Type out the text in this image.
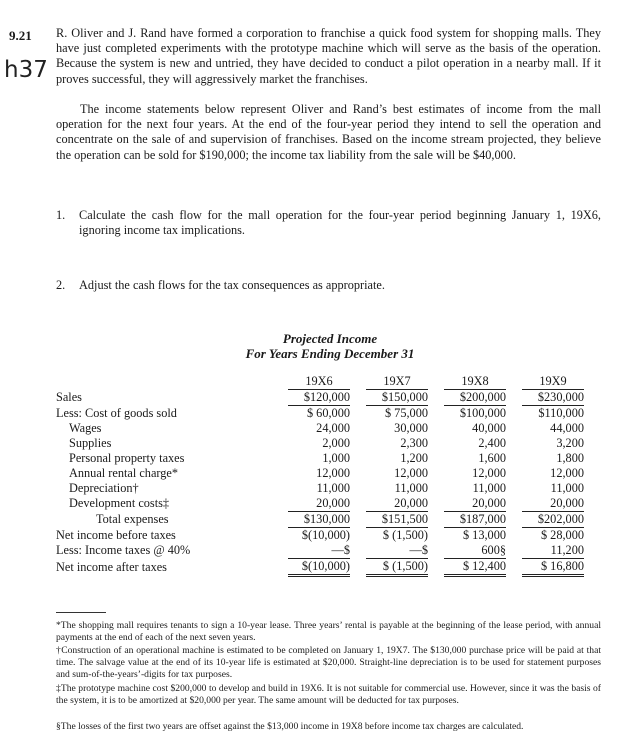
9.21
h37
R. Oliver and J. Rand have formed a corporation to franchise a quick food system for shopping malls. They have just completed experiments with the prototype machine which will serve as the basis of the operation. Because the system is new and untried, they have decided to conduct a pilot operation in a nearby mall. If it proves successful, they will aggressively market the franchises.
The income statements below represent Oliver and Rand’s best estimates of income from the mall operation for the next four years. At the end of the four-year period they intend to sell the operation and concentrate on the sale of and supervision of franchises. Based on the income stream projected, they believe the operation can be sold for $190,000; the income tax liability from the sale will be $40,000.
1.	Calculate the cash flow for the mall operation for the four-year period beginning January 1, 19X6, ignoring income tax implications.
2.	Adjust the cash flows for the tax consequences as appropriate.
Projected Income
For Years Ending December 31
	19X6		19X7		19X8		19X9
Sales	$120,000		$150,000		$200,000		$230,000
Less: Cost of goods sold	$ 60,000		$ 75,000		$100,000		$110,000
Wages	24,000		30,000		40,000		44,000
Supplies	2,000		2,300		2,400		3,200
Personal property taxes	1,000		1,200		1,600		1,800
Annual rental charge*	12,000		12,000		12,000		12,000
Depreciation†	11,000		11,000		11,000		11,000
Development costs‡	20,000		20,000		20,000		20,000
Total expenses	$130,000		$151,500		$187,000		$202,000
Net income before taxes	$(10,000)		$ (1,500)		$ 13,000		$ 28,000
Less: Income taxes @ 40%	—$		—$		600§		11,200
Net income after taxes	$(10,000)		$ (1,500)		$ 12,400		$ 16,800
*The shopping mall requires tenants to sign a 10-year lease. Three years’ rental is payable at the beginning of the lease period, with annual payments at the end of each of the next seven years.
†Construction of an operational machine is estimated to be completed on January 1, 19X7. The $130,000 purchase price will be paid at that time. The salvage value at the end of its 10-year life is estimated at $20,000. Straight-line depreciation is to be used for statement purposes and sum-of-the-years’-digits for tax purposes.
‡The prototype machine cost $200,000 to develop and build in 19X6. It is not suitable for commercial use. However, since it was the basis of the system, it is to be amortized at $20,000 per year. The same amount will be deducted for tax purposes.
§The losses of the first two years are offset against the $13,000 income in 19X8 before income tax charges are calculated.
